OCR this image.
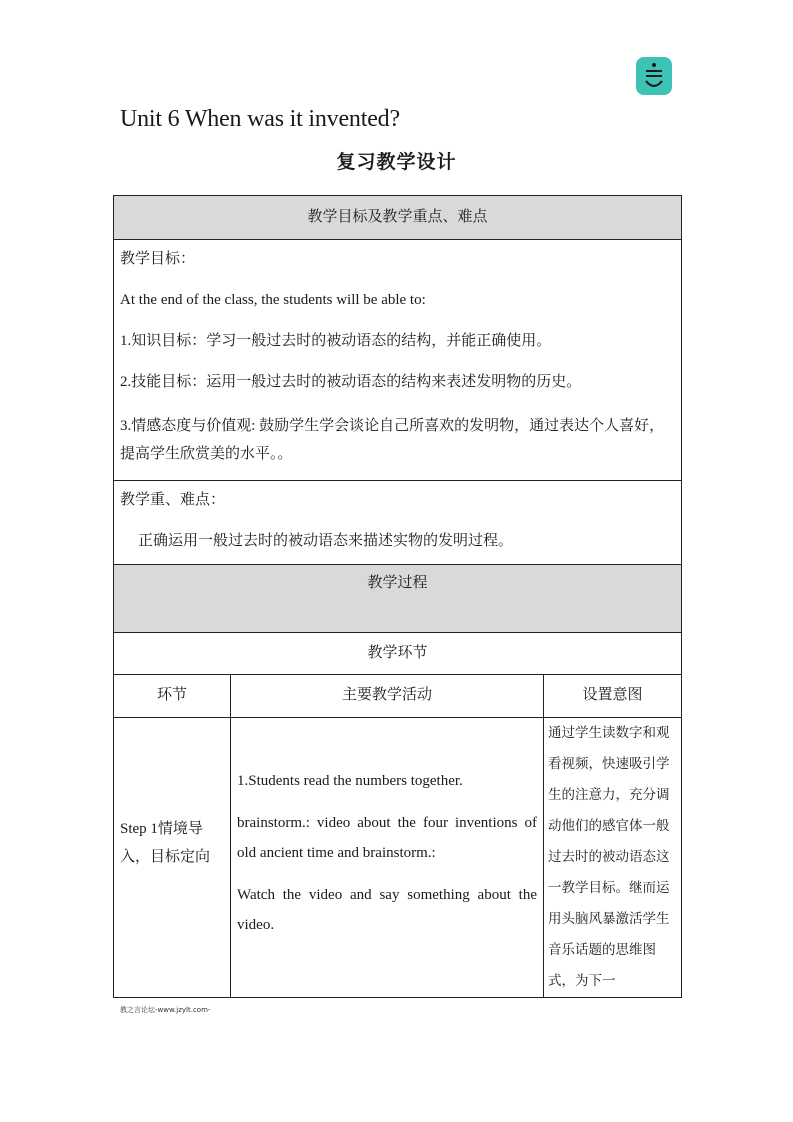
Unit 6 When was it invented?
复习教学设计
教学目标及教学重点、难点		

教学目标：

At the end of the class, the students will be able to:

1.知识目标：学习一般过去时的被动语态的结构，并能正确使用。

2.技能目标：运用一般过去时的被动语态的结构来表述发明物的历史。

3.情感态度与价值观: 鼓励学生学会谈论自己所喜欢的发明物，通过表达个人喜好，提高学生欣赏美的水平。。		

教学重、难点：

正确运用一般过去时的被动语态来描述实物的发明过程。		

教学过程		

教学环节		

环节	主要教学活动	设置意图

Step 1情境导入，目标定向	1.Students read the numbers together.

brainstorm.: video about the four inventions of old ancient time and brainstorm.:

Watch the video and say something about the video.	通过学生读数字和观看视频，快速吸引学生的注意力，充分调动他们的感官体一般过去时的被动语态这一教学目标。继而运用头脑风暴激活学生音乐话题的思维图式，为下一
教之言论坛-www.jzylt.com-
